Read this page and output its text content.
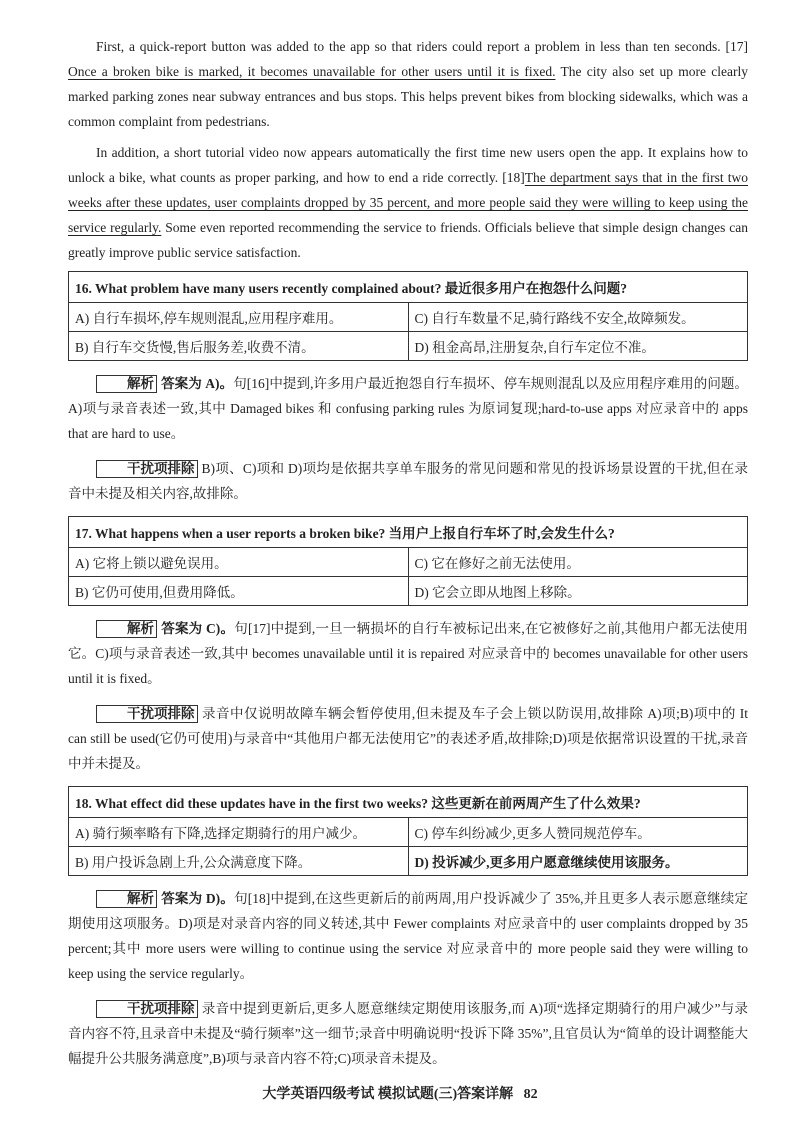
First, a quick-report button was added to the app so that riders could report a problem in less than ten seconds. [17] Once a broken bike is marked, it becomes unavailable for other users until it is fixed. The city also set up more clearly marked parking zones near subway entrances and bus stops. This helps prevent bikes from blocking sidewalks, which was a common complaint from pedestrians.

In addition, a short tutorial video now appears automatically the first time new users open the app. It explains how to unlock a bike, what counts as proper parking, and how to end a ride correctly. [18]The department says that in the first two weeks after these updates, user complaints dropped by 35 percent, and more people said they were willing to keep using the service regularly. Some even reported recommending the service to friends. Officials believe that simple design changes can greatly improve public service satisfaction.

16. What problem have many users recently complained about? 最近很多用户在抱怨什么问题?	
A) 自行车损坏,停车规则混乱,应用程序难用。	C) 自行车数量不足,骑行路线不安全,故障频发。
B) 自行车交货慢,售后服务差,收费不清。	D) 租金高昂,注册复杂,自行车定位不准。

解析 答案为 A)。句[16]中提到,许多用户最近抱怨自行车损坏、停车规则混乱以及应用程序难用的问题。A)项与录音表述一致,其中 Damaged bikes 和 confusing parking rules 为原词复现;hard-to-use apps 对应录音中的 apps that are hard to use。

干扰项排除 B)项、C)项和 D)项均是依据共享单车服务的常见问题和常见的投诉场景设置的干扰,但在录音中未提及相关内容,故排除。

17. What happens when a user reports a broken bike? 当用户上报自行车坏了时,会发生什么?	
A) 它将上锁以避免误用。	C) 它在修好之前无法使用。
B) 它仍可使用,但费用降低。	D) 它会立即从地图上移除。

解析 答案为 C)。句[17]中提到,一旦一辆损坏的自行车被标记出来,在它被修好之前,其他用户都无法使用它。C)项与录音表述一致,其中 becomes unavailable until it is repaired 对应录音中的 becomes unavailable for other users until it is fixed。

干扰项排除 录音中仅说明故障车辆会暂停使用,但未提及车子会上锁以防误用,故排除 A)项;B)项中的 It can still be used(它仍可使用)与录音中“其他用户都无法使用它”的表述矛盾,故排除;D)项是依据常识设置的干扰,录音中并未提及。

18. What effect did these updates have in the first two weeks? 这些更新在前两周产生了什么效果?	
A) 骑行频率略有下降,选择定期骑行的用户减少。	C) 停车纠纷减少,更多人赞同规范停车。
B) 用户投诉急剧上升,公众满意度下降。	D) 投诉减少,更多用户愿意继续使用该服务。

解析 答案为 D)。句[18]中提到,在这些更新后的前两周,用户投诉减少了 35%,并且更多人表示愿意继续定期使用这项服务。D)项是对录音内容的同义转述,其中 Fewer complaints 对应录音中的 user complaints dropped by 35 percent;其中 more users were willing to continue using the service 对应录音中的 more people said they were willing to keep using the service regularly。

干扰项排除 录音中提到更新后,更多人愿意继续定期使用该服务,而 A)项“选择定期骑行的用户减少”与录音内容不符,且录音中未提及“骑行频率”这一细节;录音中明确说明“投诉下降 35%”,且官员认为“简单的设计调整能大幅提升公共服务满意度”,B)项与录音内容不符;C)项录音未提及。

大学英语四级考试 模拟试题(三)答案详解 82
